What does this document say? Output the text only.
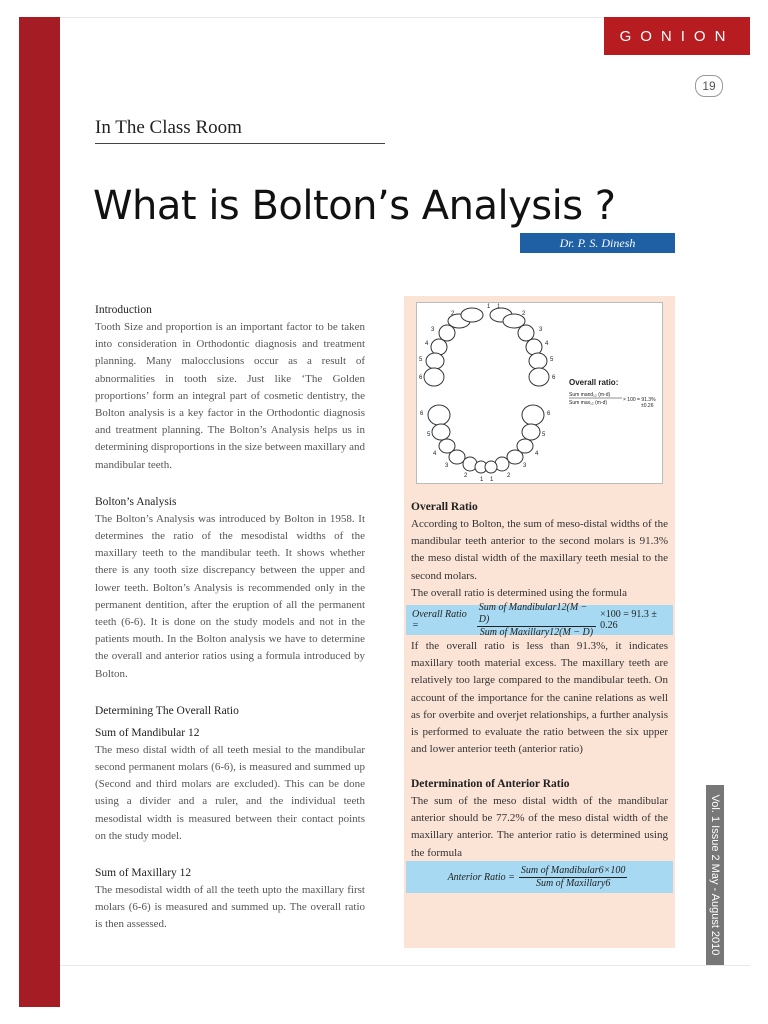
GONION
19
In The Class Room
What is Bolton’s Analysis ?
Dr. P. S. Dinesh
Introduction

Tooth Size and proportion is an important factor to be taken into consideration in Orthodontic diagnosis and treatment planning. Many malocclusions occur as a result of abnormalities in tooth size. Just like ‘The Golden proportions’ form an integral part of cosmetic dentistry, the Bolton analysis is a key factor in the Orthodontic diagnosis and treatment planning. The Bolton’s Analysis helps us in determining disproportions in the size between maxillary and mandibular teeth.

Bolton’s Analysis

The Bolton’s Analysis was introduced by Bolton in 1958. It determines the ratio of the mesodistal widths of the maxillary teeth to the mandibular teeth. It shows whether there is any tooth size discrepancy between the upper and lower teeth. Bolton’s Analysis is recommended only in the permanent dentition, after the eruption of all the permanent teeth (6-6). It is done on the study models and not in the patients mouth. In the Bolton analysis we have to determine the overall and anterior ratios using a formula introduced by Bolton.

Determining The Overall Ratio
Sum of Mandibular 12

The meso distal width of all teeth mesial to the mandibular second permanent molars (6-6), is measured and summed up (Second and third molars are excluded). This can be done using a divider and a ruler, and the individual teeth mesodistal width is measured between their contact points on the study model.

Sum of Maxillary 12

The mesodistal width of all the teeth upto the maxillary first molars (6-6) is measured and summed up. The overall ratio is then assessed.

1 1
2	2
3	3
4	4
5	5
6	6
1 1
2	2
3	3
4	4
5	5
6	6
Overall ratio:
Sum mand₁₂ (m-d)
Sum max₁₂ (m-d)	× 100 = 91.3%
±0.26
Overall Ratio

According to Bolton, the sum of meso-distal widths of the mandibular teeth anterior to the second molars is 91.3% the meso distal width of the maxillary teeth mesial to the second molars.

The overall ratio is determined using the formula

Overall Ratio =	$\frac{\text{Sum of Mandibular12(M − D)}}{\text{Sum of Maxillary12(M − D)}} \times 100 = 91.3 \pm 0.26$

If the overall ratio is less than 91.3%, it indicates maxillary tooth material excess. The maxillary teeth are relatively too large compared to the mandibular teeth. On account of the importance for the canine relations as well as for overbite and overjet relationships, a further analysis is performed to evaluate the ratio between the six upper and lower anterior teeth (anterior ratio)

Determination of Anterior Ratio

The sum of the meso distal width of the mandibular anterior should be 77.2% of the meso distal width of the maxillary anterior. The anterior ratio is determined using the formula

Anterior Ratio = $\frac{\text{Sum of Mandibular6×100}}{\text{Sum of Maxillary6}}$	Vol. 1 Issue 2 May - August 2010
